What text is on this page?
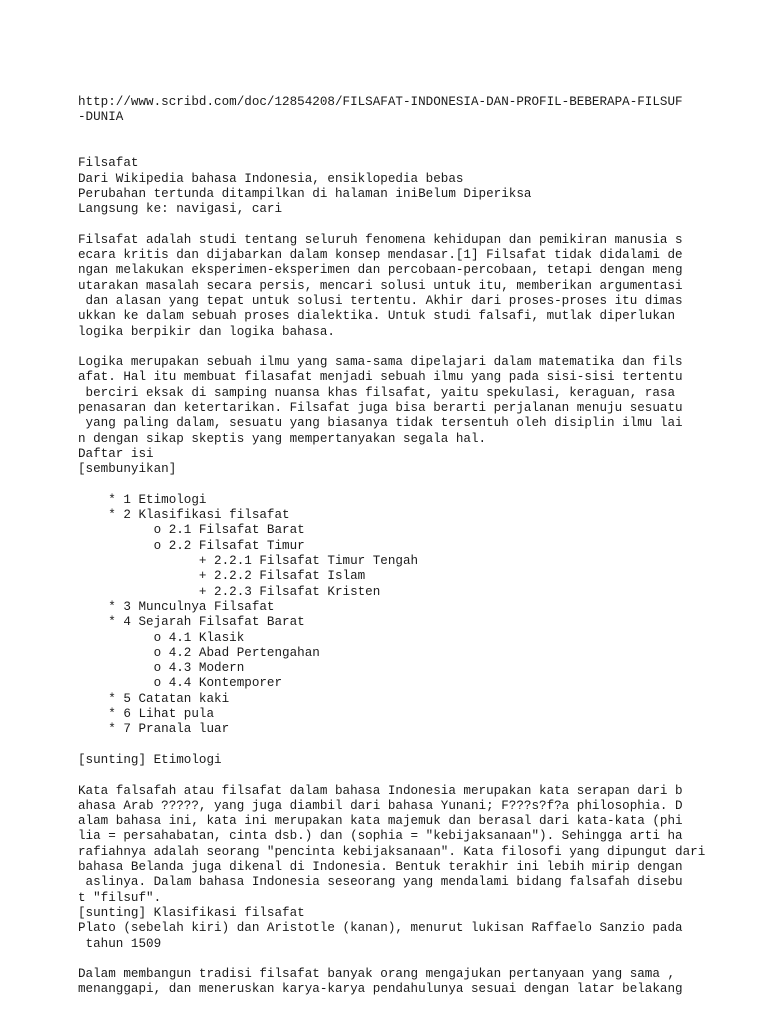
http://www.scribd.com/doc/12854208/FILSAFAT-INDONESIA-DAN-PROFIL-BEBERAPA-FILSUF
-DUNIA
Filsafat
Dari Wikipedia bahasa Indonesia, ensiklopedia bebas
Perubahan tertunda ditampilkan di halaman iniBelum Diperiksa
Langsung ke: navigasi, cari
Filsafat adalah studi tentang seluruh fenomena kehidupan dan pemikiran manusia s
ecara kritis dan dijabarkan dalam konsep mendasar.[1] Filsafat tidak didalami de
ngan melakukan eksperimen-eksperimen dan percobaan-percobaan, tetapi dengan meng
utarakan masalah secara persis, mencari solusi untuk itu, memberikan argumentasi
dan alasan yang tepat untuk solusi tertentu. Akhir dari proses-proses itu dimas
ukkan ke dalam sebuah proses dialektika. Untuk studi falsafi, mutlak diperlukan
logika berpikir dan logika bahasa.
Logika merupakan sebuah ilmu yang sama-sama dipelajari dalam matematika dan fils
afat. Hal itu membuat filasafat menjadi sebuah ilmu yang pada sisi-sisi tertentu
berciri eksak di samping nuansa khas filsafat, yaitu spekulasi, keraguan, rasa
penasaran dan ketertarikan. Filsafat juga bisa berarti perjalanan menuju sesuatu
yang paling dalam, sesuatu yang biasanya tidak tersentuh oleh disiplin ilmu lai
n dengan sikap skeptis yang mempertanyakan segala hal.
Daftar isi
[sembunyikan]
* 1 Etimologi
* 2 Klasifikasi filsafat
o 2.1 Filsafat Barat
o 2.2 Filsafat Timur
+ 2.2.1 Filsafat Timur Tengah
+ 2.2.2 Filsafat Islam
+ 2.2.3 Filsafat Kristen
* 3 Munculnya Filsafat
* 4 Sejarah Filsafat Barat
o 4.1 Klasik
o 4.2 Abad Pertengahan
o 4.3 Modern
o 4.4 Kontemporer
* 5 Catatan kaki
* 6 Lihat pula
* 7 Pranala luar
[sunting] Etimologi
Kata falsafah atau filsafat dalam bahasa Indonesia merupakan kata serapan dari b
ahasa Arab ?????, yang juga diambil dari bahasa Yunani; F???s?f?a philosophia. D
alam bahasa ini, kata ini merupakan kata majemuk dan berasal dari kata-kata (phi
lia = persahabatan, cinta dsb.) dan (sophia = "kebijaksanaan"). Sehingga arti ha
rafiahnya adalah seorang "pencinta kebijaksanaan". Kata filosofi yang dipungut dari
bahasa Belanda juga dikenal di Indonesia. Bentuk terakhir ini lebih mirip dengan
aslinya. Dalam bahasa Indonesia seseorang yang mendalami bidang falsafah disebu
t "filsuf".
[sunting] Klasifikasi filsafat
Plato (sebelah kiri) dan Aristotle (kanan), menurut lukisan Raffaelo Sanzio pada
tahun 1509
Dalam membangun tradisi filsafat banyak orang mengajukan pertanyaan yang sama ,
menanggapi, dan meneruskan karya-karya pendahulunya sesuai dengan latar belakang
